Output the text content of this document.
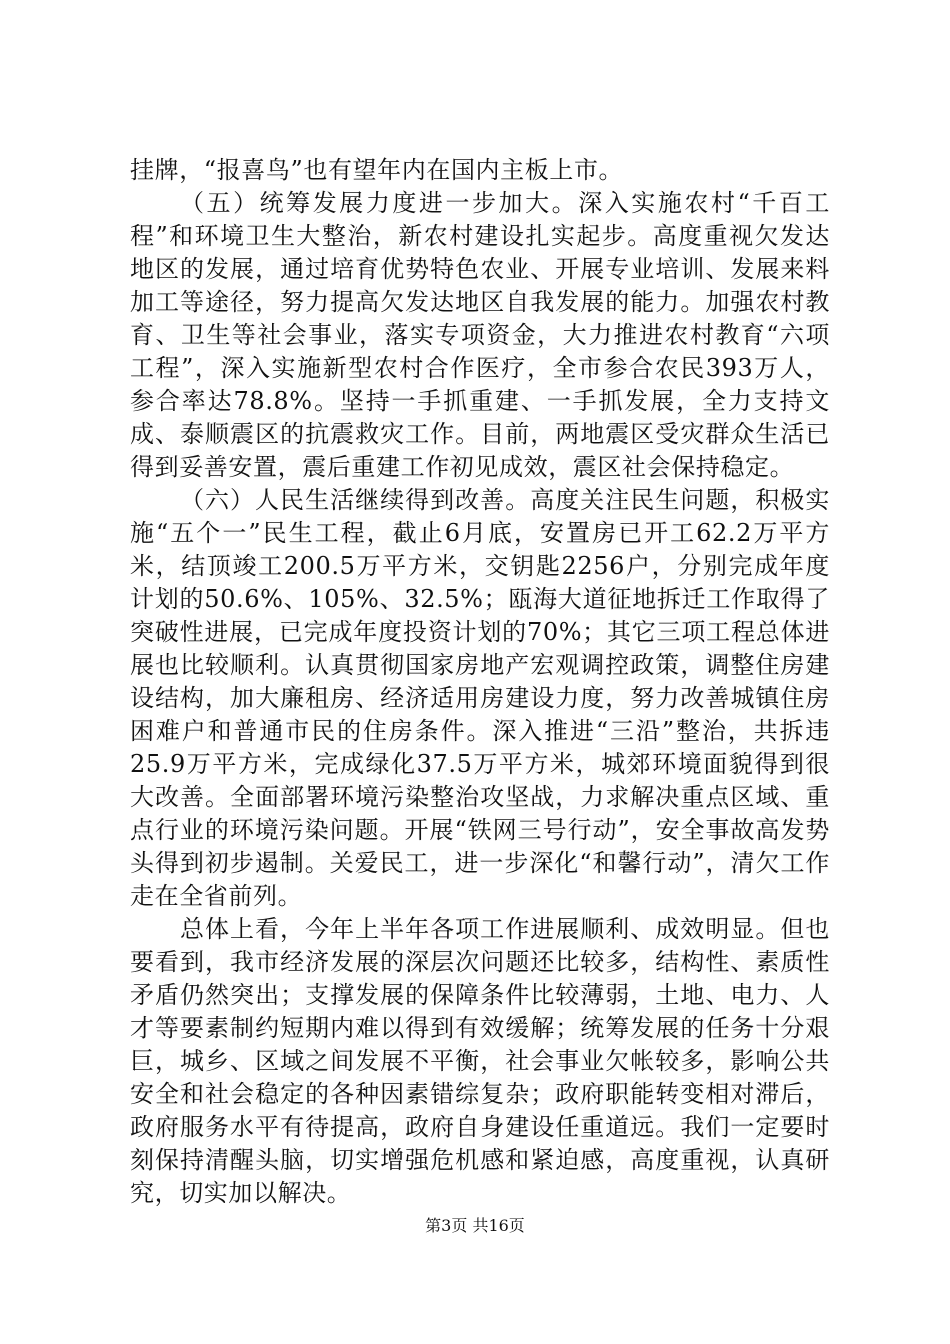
挂牌，“报喜鸟”也有望年内在国内主板上市。

（五）统筹发展力度进一步加大。深入实施农村“千百工程”和环境卫生大整治，新农村建设扎实起步。高度重视欠发达地区的发展，通过培育优势特色农业、开展专业培训、发展来料加工等途径，努力提高欠发达地区自我发展的能力。加强农村教育、卫生等社会事业，落实专项资金，大力推进农村教育“六项工程”，深入实施新型农村合作医疗，全市参合农民393万人，参合率达78.8%。坚持一手抓重建、一手抓发展，全力支持文成、泰顺震区的抗震救灾工作。目前，两地震区受灾群众生活已得到妥善安置，震后重建工作初见成效，震区社会保持稳定。

（六）人民生活继续得到改善。高度关注民生问题，积极实施“五个一”民生工程，截止6月底，安置房已开工62.2万平方米，结顶竣工200.5万平方米，交钥匙2256户，分别完成年度计划的50.6%、105%、32.5%；瓯海大道征地拆迁工作取得了突破性进展，已完成年度投资计划的70%；其它三项工程总体进展也比较顺利。认真贯彻国家房地产宏观调控政策，调整住房建设结构，加大廉租房、经济适用房建设力度，努力改善城镇住房困难户和普通市民的住房条件。深入推进“三沿”整治，共拆违25.9万平方米，完成绿化37.5万平方米，城郊环境面貌得到很大改善。全面部署环境污染整治攻坚战，力求解决重点区域、重点行业的环境污染问题。开展“铁网三号行动”，安全事故高发势头得到初步遏制。关爱民工，进一步深化“和馨行动”，清欠工作走在全省前列。

总体上看，今年上半年各项工作进展顺利、成效明显。但也要看到，我市经济发展的深层次问题还比较多，结构性、素质性矛盾仍然突出；支撑发展的保障条件比较薄弱，土地、电力、人才等要素制约短期内难以得到有效缓解；统筹发展的任务十分艰巨，城乡、区域之间发展不平衡，社会事业欠帐较多，影响公共安全和社会稳定的各种因素错综复杂；政府职能转变相对滞后，政府服务水平有待提高，政府自身建设任重道远。我们一定要时刻保持清醒头脑，切实增强危机感和紧迫感，高度重视，认真研究，切实加以解决。

第3页 共16页
